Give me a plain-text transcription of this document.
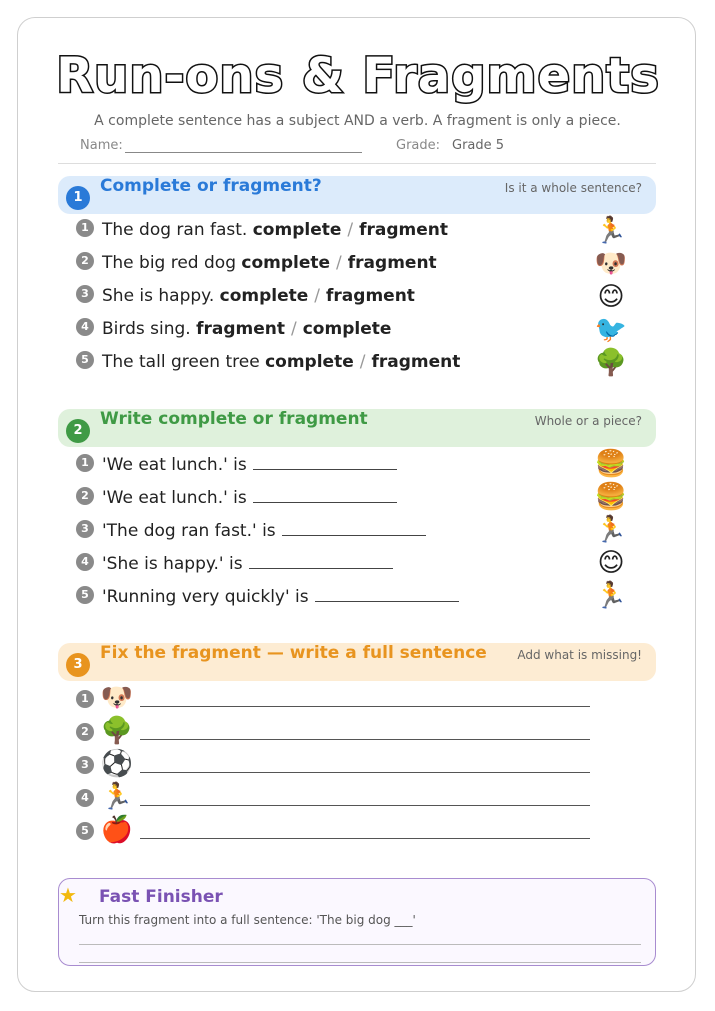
Run-ons & Fragments
A complete sentence has a subject AND a verb. A fragment is only a piece.
Name:	Grade: Grade 5
1
Complete or fragment?	Is it a whole sentence?
1 The dog ran fast. complete / fragment	🏃
2 The big red dog complete / fragment	🐶
3 She is happy. complete / fragment	😊
4 Birds sing. fragment / complete	🐦
5 The tall green tree complete / fragment	🌳
2
Write complete or fragment	Whole or a piece?
1 'We eat lunch.' is	🍔
2 'We eat lunch.' is	🍔
3 'The dog ran fast.' is	🏃
4 'She is happy.' is	😊
5 'Running very quickly' is	🏃
3
Fix the fragment — write a full sentence	Add what is missing!
1 🐶
2 🌳
3 ⚽
4 🏃
5 🍎
★ Fast Finisher
Turn this fragment into a full sentence: 'The big dog ___'
